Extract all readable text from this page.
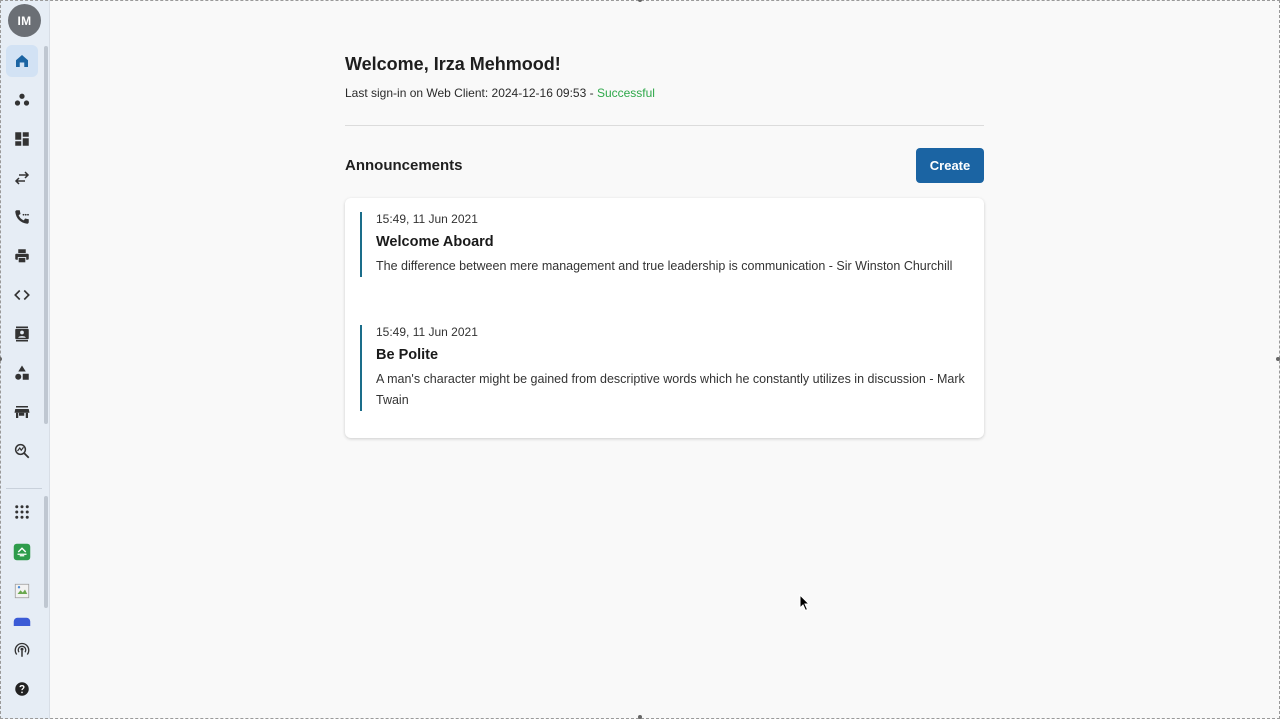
IM
Welcome, Irza Mehmood!
Last sign-in on Web Client: 2024-12-16 09:53 - Successful
Announcements	Create
15:49, 11 Jun 2021
Welcome Aboard
The difference between mere management and true leadership is communication - Sir Winston Churchill
15:49, 11 Jun 2021
Be Polite
A man's character might be gained from descriptive words which he constantly utilizes in discussion - Mark Twain
